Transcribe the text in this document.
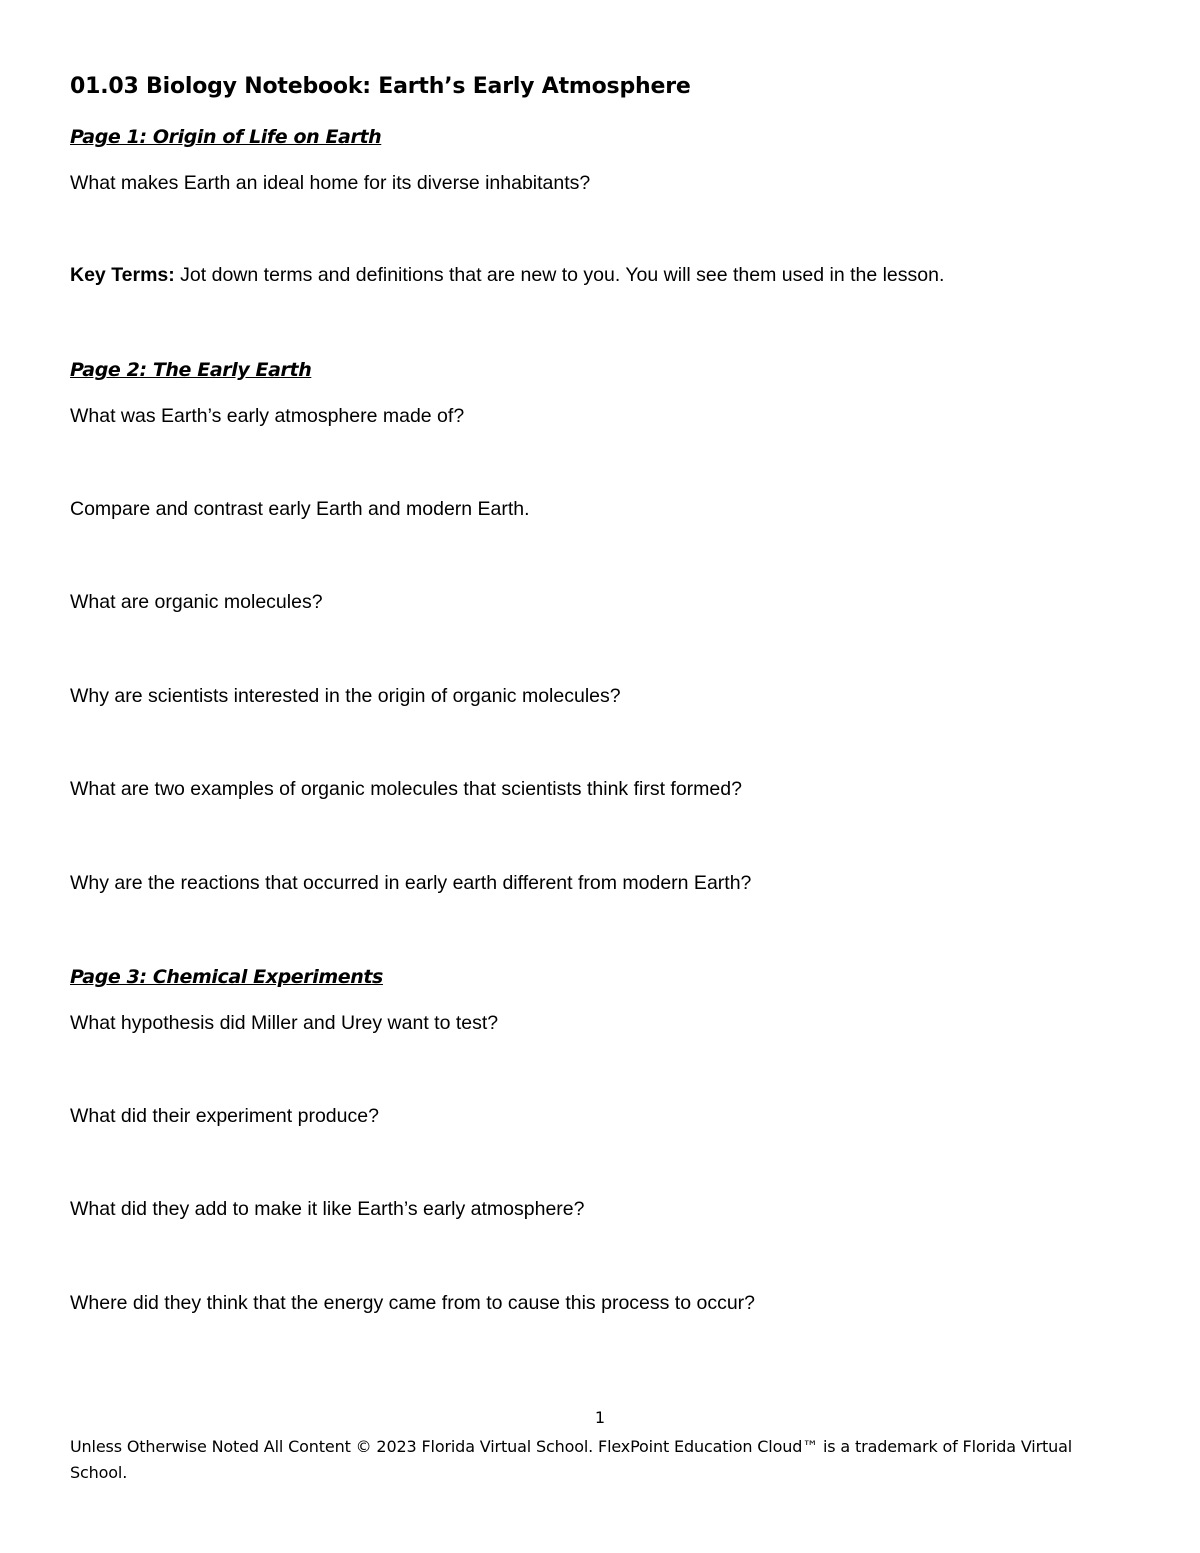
01.03 Biology Notebook: Earth’s Early Atmosphere
Page 1: Origin of Life on Earth
What makes Earth an ideal home for its diverse inhabitants?
Key Terms: Jot down terms and definitions that are new to you. You will see them used in the lesson.
Page 2: The Early Earth
What was Earth’s early atmosphere made of?
Compare and contrast early Earth and modern Earth.
What are organic molecules?
Why are scientists interested in the origin of organic molecules?
What are two examples of organic molecules that scientists think first formed?
Why are the reactions that occurred in early earth different from modern Earth?
Page 3: Chemical Experiments
What hypothesis did Miller and Urey want to test?
What did their experiment produce?
What did they add to make it like Earth’s early atmosphere?
Where did they think that the energy came from to cause this process to occur?
1
Unless Otherwise Noted All Content © 2023 Florida Virtual School. FlexPoint Education Cloud™ is a trademark of Florida Virtual School.
